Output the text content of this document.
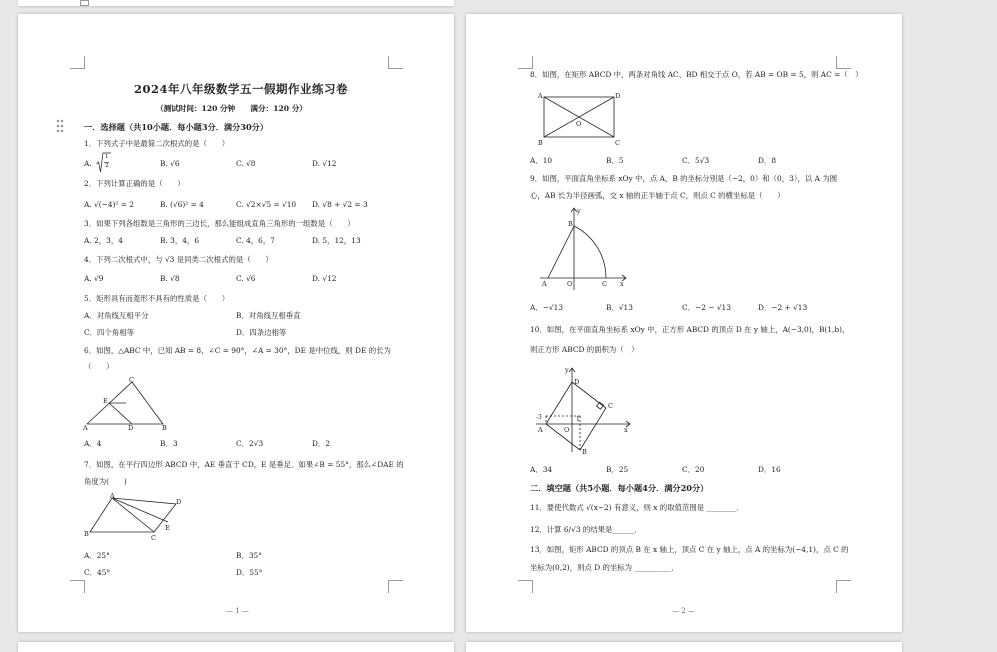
2024年八年级数学五一假期作业练习卷
（测试时间：120 分钟　　满分：120 分）
一．选择题（共10小题．每小题3分．满分30分）
1．下列式子中是最简二次根式的是（　　）
A.
1
2	B. √6	C. √8	D. √12
2．下列计算正确的是（　　）
A. √(−4)² = 2	B. (√6)² = 4	C. √2×√5 = √10 D. √8 + √2 = 3
3．如果下列各组数是三角形的三边长，那么能组成直角三角形的一组数是（　　）
A. 2，3，4	B. 3，4，6	C. 4，6，7	D. 5，12，13
4．下列二次根式中，与 √3 是同类二次根式的是（　　）
A. √9	B. √8	C. √6	D. √12
5．矩形具有而菱形不具有的性质是（　　）
A．对角线互相平分	B．对角线互相垂直
C．四个角相等	D．四条边相等
6．如图，△ABC 中，已知 AB = 8，∠C = 90°，∠A = 30°，DE 是中位线，则 DE 的长为
（　　）
C
E
A	D	B
A．4	B．3	C．2√3	D．2
7．如图，在平行四边形 ABCD 中，AE 垂直于 CD，E 是垂足．如果∠B = 55°，那么∠DAE 的
角度为(　　)
A
D
B
E
C
A．25°	B．35°
C．45°	D．55°
— 1 —
8．如图，在矩形 ABCD 中，两条对角线 AC、BD 相交于点 O，若 AB = OB = 5，则 AC =（　）
A	D
O
B	C
A．10	B．5	C．5√3	D．8
9．如图，平面直角坐标系 xOy 中，点 A，B 的坐标分别是（−2，0）和（0，3），以 A 为圆
心，AB 长为半径画弧，交 x 轴的正半轴于点 C，则点 C 的横坐标是（　　）
y
B
A	O	C x
A．−√13	B．√13	C．−2 − √13	D．−2 + √13
10．如图，在平面直角坐标系 xOy 中，正方形 ABCD 的顶点 D 在 y 轴上，A(−3,0)，B(1,b)，
则正方形 ABCD 的面积为（　）
y
D
C
-3
A	O
1
x
B
A．34	B．25	C．20	D．16
二．填空题（共5小题．每小题4分．满分20分）
11．要使代数式 √(x−2) 有意义，则 x 的取值范围是 ________．
12．计算 6/√3 的结果是______．
13．如图，矩形 ABCD 的顶点 B 在 x 轴上，顶点 C 在 y 轴上，点 A 的坐标为(−4,1)，点 C 的
坐标为(0,2)，则点 D 的坐标为 __________．
— 2 —
